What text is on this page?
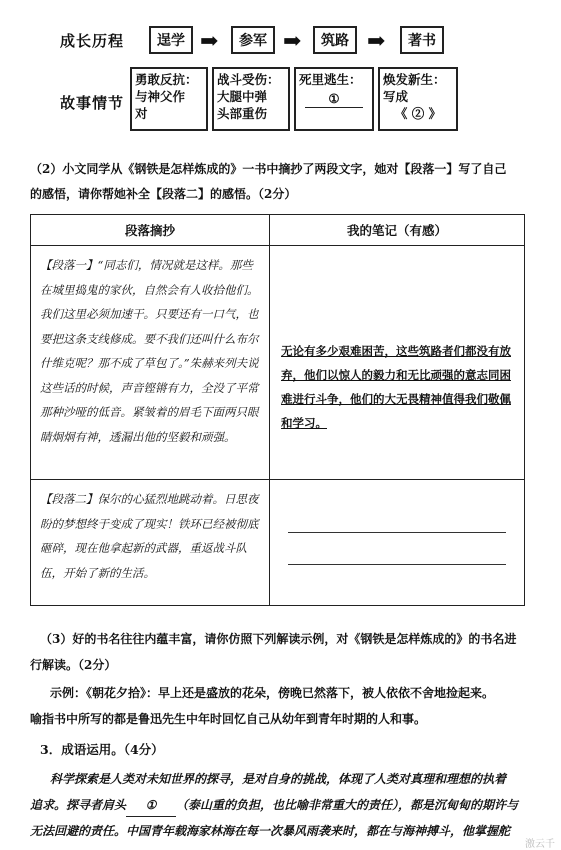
成长历程
故事情节
逞学 ➡ 参军 ➡ 筑路 ➡ 著书
勇敢反抗：
与神父作
对
战斗受伤：
大腿中弹
头部重伤
死里逃生：
①
焕发新生：
写成
《 ② 》
（2）小文同学从《钢铁是怎样炼成的》一书中摘抄了两段文字，她对【段落一】写了自己
的感悟，请你帮她补全【段落二】的感悟。（2分）
段落摘抄	我的笔记（有感）

【段落一】“同志们，情况就是这样。那些在城里捣鬼的家伙，自然会有人收拾他们。我们这里必须加速干。只要还有一口气，也要把这条支线修成。要不我们还叫什么布尔什维克呢？那不成了草包了。”朱赫来列夫说这些话的时候，声音铿锵有力，全没了平常那种沙哑的低音。紧皱着的眉毛下面两只眼睛炯炯有神，透漏出他的坚毅和顽强。	无论有多少艰难困苦，这些筑路者们都没有放弃，他们以惊人的毅力和无比顽强的意志同困难进行斗争，他们的大无畏精神值得我们敬佩和学习。

【段落二】保尔的心猛烈地跳动着。日思夜盼的梦想终于变成了现实！铁环已经被彻底砸碎，现在他拿起新的武器，重返战斗队伍，开始了新的生活。	

（3）好的书名往往内蕴丰富，请你仿照下列解读示例，对《钢铁是怎样炼成的》的书名进
行解读。（2分）
示例：《朝花夕拾》：早上还是盛放的花朵，傍晚已然落下，被人依依不舍地捡起来。
喻指书中所写的都是鲁迅先生中年时回忆自己从幼年到青年时期的人和事。
3．成语运用。（4分）
科学探索是人类对未知世界的探寻，是对自身的挑战，体现了人类对真理和理想的执着
追求。探寻者肩头 ① （泰山重的负担，也比喻非常重大的责任），都是沉甸甸的期许与
无法回避的责任。中国青年载海家林海在每一次暴风雨袭来时，都在与海神搏斗，他掌握舵
激云千
